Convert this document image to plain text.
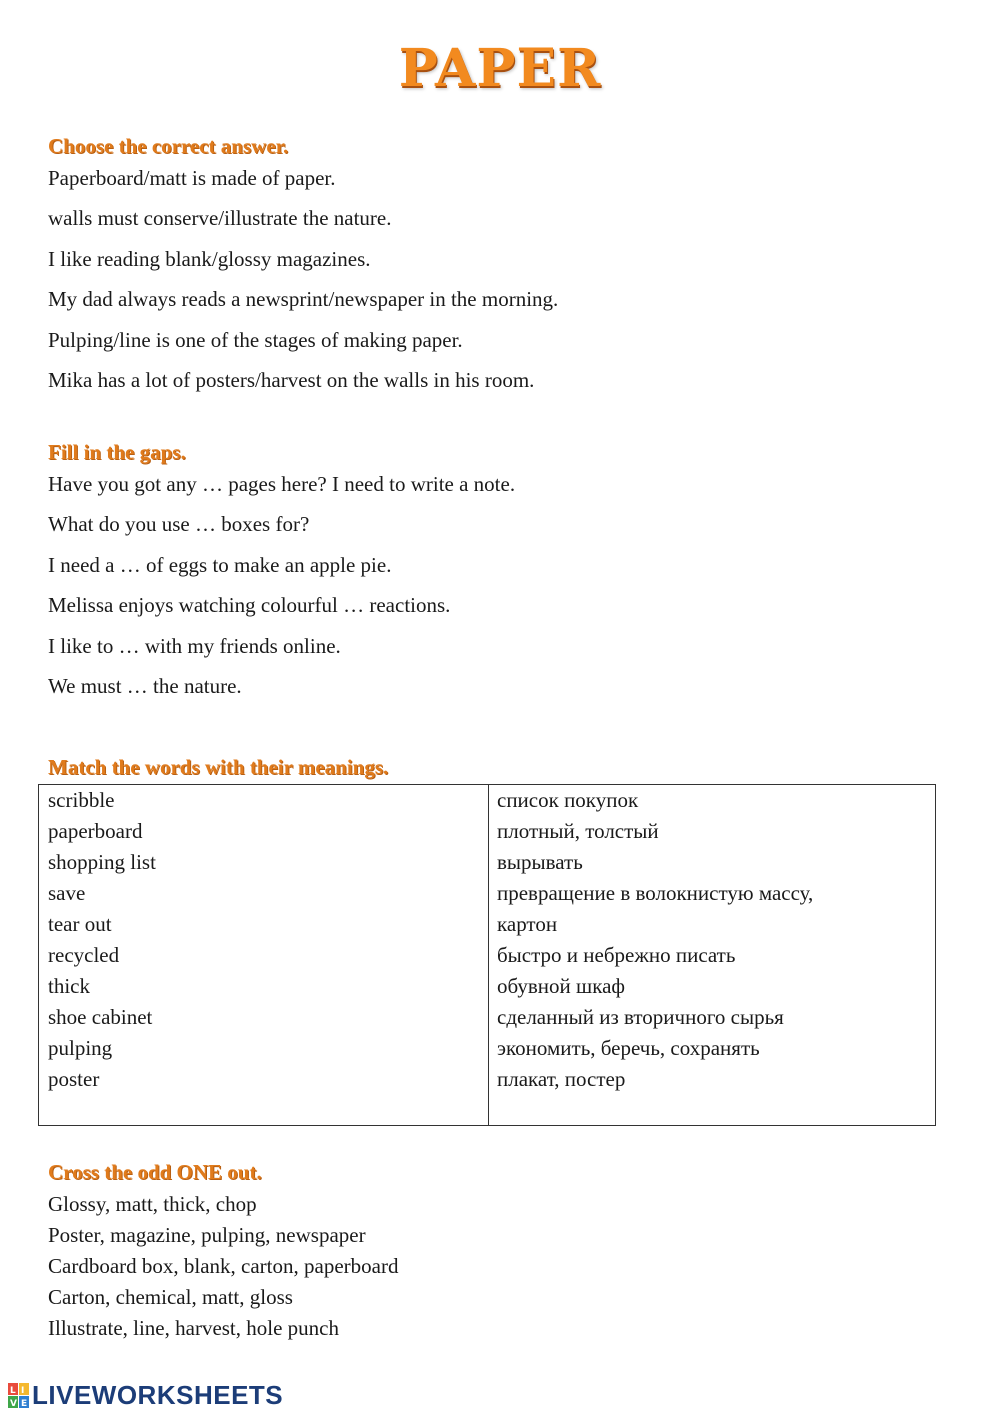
PAPER
Choose the correct answer.
Paperboard/matt is made of paper.
walls must conserve/illustrate the nature.
I like reading blank/glossy magazines.
My dad always reads a newsprint/newspaper in the morning.
Pulping/line is one of the stages of making paper.
Mika has a lot of posters/harvest on the walls in his room.
Fill in the gaps.
Have you got any … pages here? I need to write a note.
What do you use … boxes for?
I need a … of eggs to make an apple pie.
Melissa enjoys watching colourful … reactions.
I like to … with my friends online.
We must … the nature.
Match the words with their meanings.
scribble
paperboard
shopping list
save
tear out
recycled
thick
shoe cabinet
pulping
poster
список покупок
плотный, толстый
вырывать
превращение в волокнистую массу,
картон
быстро и небрежно писать
обувной шкаф
сделанный из вторичного сырья
экономить, беречь, сохранять
плакат, постер
Cross the odd ONE out.
Glossy, matt, thick, chop
Poster, magazine, pulping, newspaper
Cardboard box, blank, carton, paperboard
Carton, chemical, matt, gloss
Illustrate, line, harvest, hole punch
L I
V E LIVEWORKSHEETS
